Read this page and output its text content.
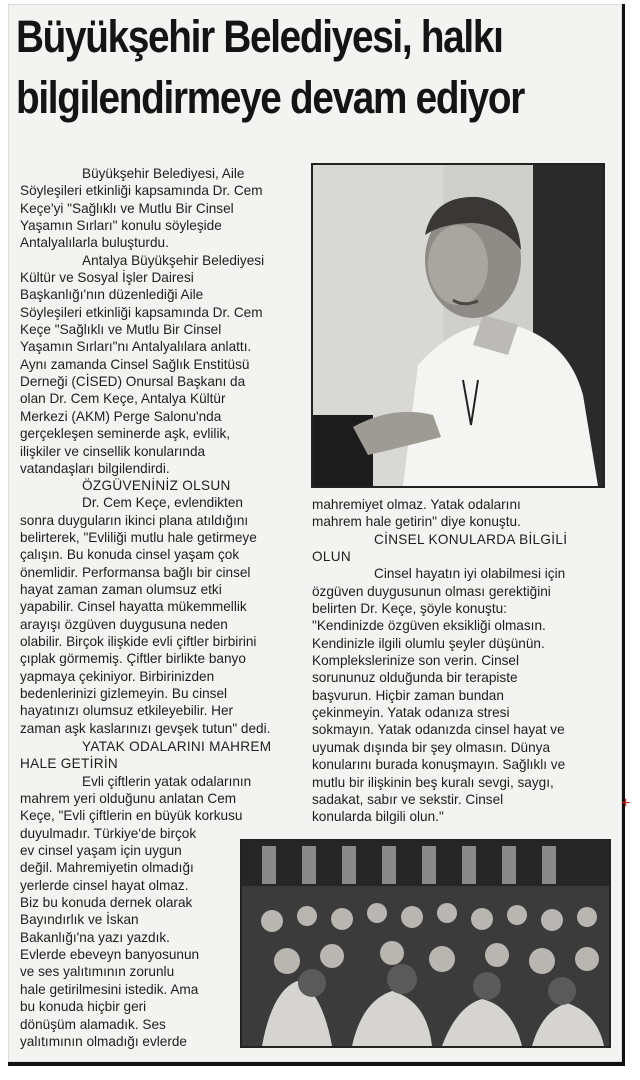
Büyükşehir Belediyesi, halkı
bilgilendirmeye devam ediyor

Büyükşehir Belediyesi, Aile

Söyleşileri etkinliği kapsamında Dr. Cem

Keçe'yi "Sağlıklı ve Mutlu Bir Cinsel

Yaşamın Sırları" konulu söyleşide

Antalyalılarla buluşturdu.

Antalya Büyükşehir Belediyesi

Kültür ve Sosyal İşler Dairesi

Başkanlığı'nın düzenlediği Aile

Söyleşileri etkinliği kapsamında Dr. Cem

Keçe "Sağlıklı ve Mutlu Bir Cinsel

Yaşamın Sırları"nı Antalyalılara anlattı.

Aynı zamanda Cinsel Sağlık Enstitüsü

Derneği (CİSED) Onursal Başkanı da

olan Dr. Cem Keçe, Antalya Kültür

Merkezi (AKM) Perge Salonu'nda

gerçekleşen seminerde aşk, evlilik,

ilişkiler ve cinsellik konularında

vatandaşları bilgilendirdi.

ÖZGÜVENİNİZ OLSUN

Dr. Cem Keçe, evlendikten

sonra duyguların ikinci plana atıldığını

belirterek, "Evliliği mutlu hale getirmeye

çalışın. Bu konuda cinsel yaşam çok

önemlidir. Performansa bağlı bir cinsel

hayat zaman zaman olumsuz etki

yapabilir. Cinsel hayatta mükemmellik

arayışı özgüven duygusuna neden

olabilir. Birçok ilişkide evli çiftler birbirini

çıplak görmemiş. Çiftler birlikte banyo

yapmaya çekiniyor. Birbirinizden

bedenlerinizi gizlemeyin. Bu cinsel

hayatınızı olumsuz etkileyebilir. Her

zaman aşk kaslarınızı gevşek tutun" dedi.

YATAK ODALARINI MAHREM

HALE GETİRİN

Evli çiftlerin yatak odalarının

mahrem yeri olduğunu anlatan Cem

Keçe, "Evli çiftlerin en büyük korkusu

duyulmadır. Türkiye'de birçok

ev cinsel yaşam için uygun

değil. Mahremiyetin olmadığı

yerlerde cinsel hayat olmaz.

Biz bu konuda dernek olarak

Bayındırlık ve İskan

Bakanlığı'na yazı yazdık.

Evlerde ebeveyn banyosunun

ve ses yalıtımının zorunlu

hale getirilmesini istedik. Ama

bu konuda hiçbir geri

dönüşüm alamadık. Ses

yalıtımının olmadığı evlerde

mahremiyet olmaz. Yatak odalarını

mahrem hale getirin" diye konuştu.

CİNSEL KONULARDA BİLGİLİ

OLUN

Cinsel hayatın iyi olabilmesi için

özgüven duygusunun olması gerektiğini

belirten Dr. Keçe, şöyle konuştu:

"Kendinizde özgüven eksikliği olmasın.

Kendinizle ilgili olumlu şeyler düşünün.

Komplekslerinize son verin. Cinsel

sorununuz olduğunda bir terapiste

başvurun. Hiçbir zaman bundan

çekinmeyin. Yatak odanıza stresi

sokmayın. Yatak odanızda cinsel hayat ve

uyumak dışında bir şey olmasın. Dünya

konularını burada konuşmayın. Sağlıklı ve

mutlu bir ilişkinin beş kuralı sevgi, saygı,

sadakat, sabır ve sekstir. Cinsel

konularda bilgili olun."

+
